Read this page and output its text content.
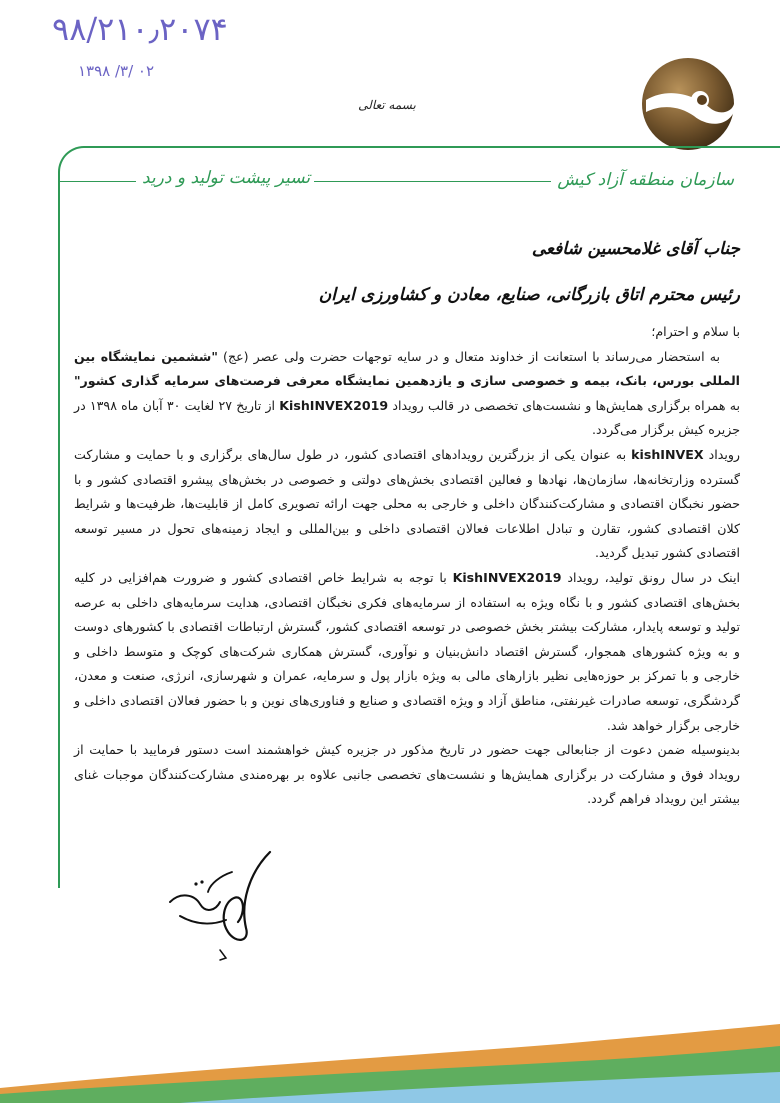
۹۸/۲۱۰٫۲۰۷۴
۱۳۹۸ /۳/ ۰۲
بسمه تعالی
سازمان منطقه آزاد کیش
تسیر پیشت تولید و درید
جناب آقای غلامحسین شافعی
رئیس محترم اتاق بازرگانی، صنایع، معادن و کشاورزی ایران

با سلام و احترام؛

به استحضار می‌رساند با استعانت از خداوند متعال و در سایه توجهات حضرت ولی عصر (عج) "ششمین نمایشگاه بین المللی بورس، بانک، بیمه و خصوصی سازی و یازدهمین نمایشگاه معرفی فرصت‌های سرمایه گذاری کشور" به همراه برگزاری همایش‌ها و نشست‌های تخصصی در قالب رویداد KishINVEX2019 از تاریخ ۲۷ لغایت ۳۰ آبان ماه ۱۳۹۸ در جزیره کیش برگزار می‌گردد.

رویداد kishINVEX به عنوان یکی از بزرگترین رویدادهای اقتصادی کشور، در طول سال‌های برگزاری و با حمایت و مشارکت گسترده وزارتخانه‌ها، سازمان‌ها، نهادها و فعالین اقتصادی بخش‌های دولتی و خصوصی در بخش‌های پیشرو اقتصادی کشور و با حضور نخبگان اقتصادی و مشارکت‌کنندگان داخلی و خارجی به محلی جهت ارائه تصویری کامل از قابلیت‌ها، ظرفیت‌ها و شرایط کلان اقتصادی کشور، تقارن و تبادل اطلاعات فعالان اقتصادی داخلی و بین‌المللی و ایجاد زمینه‌های تحول در مسیر توسعه اقتصادی کشور تبدیل گردید.

اینک در سال رونق تولید، رویداد KishINVEX2019 با توجه به شرایط خاص اقتصادی کشور و ضرورت هم‌افزایی در کلیه بخش‌های اقتصادی کشور و با نگاه ویژه به استفاده از سرمایه‌های فکری نخبگان اقتصادی، هدایت سرمایه‌های داخلی به عرصه تولید و توسعه پایدار، مشارکت بیشتر بخش خصوصی در توسعه اقتصادی کشور، گسترش ارتباطات اقتصادی با کشورهای دوست و به ویژه کشورهای همجوار، گسترش اقتصاد دانش‌بنیان و نوآوری، گسترش همکاری شرکت‌های کوچک و متوسط داخلی و خارجی و با تمرکز بر حوزه‌هایی نظیر بازارهای مالی به ویژه بازار پول و سرمایه، عمران و شهرسازی، انرژی، صنعت و معدن، گردشگری، توسعه صادرات غیرنفتی، مناطق آزاد و ویژه اقتصادی و صنایع و فناوری‌های نوین و با حضور فعالان اقتصادی داخلی و خارجی برگزار خواهد شد.

بدینوسیله ضمن دعوت از جنابعالی جهت حضور در تاریخ مذکور در جزیره کیش خواهشمند است دستور فرمایید با حمایت از رویداد فوق و مشارکت در برگزاری همایش‌ها و نشست‌های تخصصی جانبی علاوه بر بهره‌مندی مشارکت‌کنندگان موجبات غنای بیشتر این رویداد فراهم گردد.
